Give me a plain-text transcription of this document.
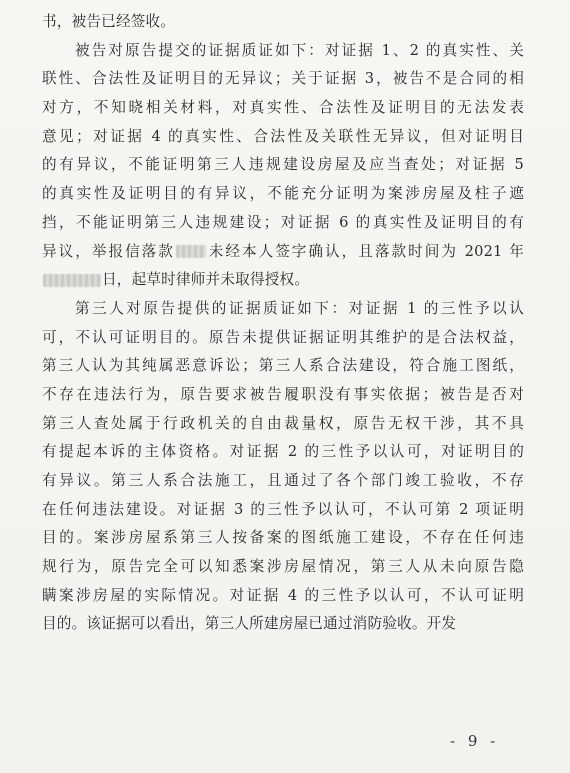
书，被告已经签收。
被告对原告提交的证据质证如下：对证据 1、2 的真实性、关
联性、合法性及证明目的无异议；关于证据 3，被告不是合同的相
对方，不知晓相关材料，对真实性、合法性及证明目的无法发表
意见；对证据 4 的真实性、合法性及关联性无异议，但对证明目
的有异议，不能证明第三人违规建设房屋及应当查处；对证据 5
的真实性及证明目的有异议，不能充分证明为案涉房屋及柱子遮
挡，不能证明第三人违规建设；对证据 6 的真实性及证明目的有
异议，举报信落款 未经本人签字确认，且落款时间为 2021 年
日，起草时律师并未取得授权。
第三人对原告提供的证据质证如下：对证据 1 的三性予以认
可，不认可证明目的。原告未提供证据证明其维护的是合法权益，
第三人认为其纯属恶意诉讼；第三人系合法建设，符合施工图纸，
不存在违法行为，原告要求被告履职没有事实依据；被告是否对
第三人查处属于行政机关的自由裁量权，原告无权干涉，其不具
有提起本诉的主体资格。对证据 2 的三性予以认可，对证明目的
有异议。第三人系合法施工，且通过了各个部门竣工验收，不存
在任何违法建设。对证据 3 的三性予以认可，不认可第 2 项证明
目的。案涉房屋系第三人按备案的图纸施工建设，不存在任何违
规行为，原告完全可以知悉案涉房屋情况，第三人从未向原告隐
瞒案涉房屋的实际情况。对证据 4 的三性予以认可，不认可证明
目的。该证据可以看出，第三人所建房屋已通过消防验收。开发
- 9 -
